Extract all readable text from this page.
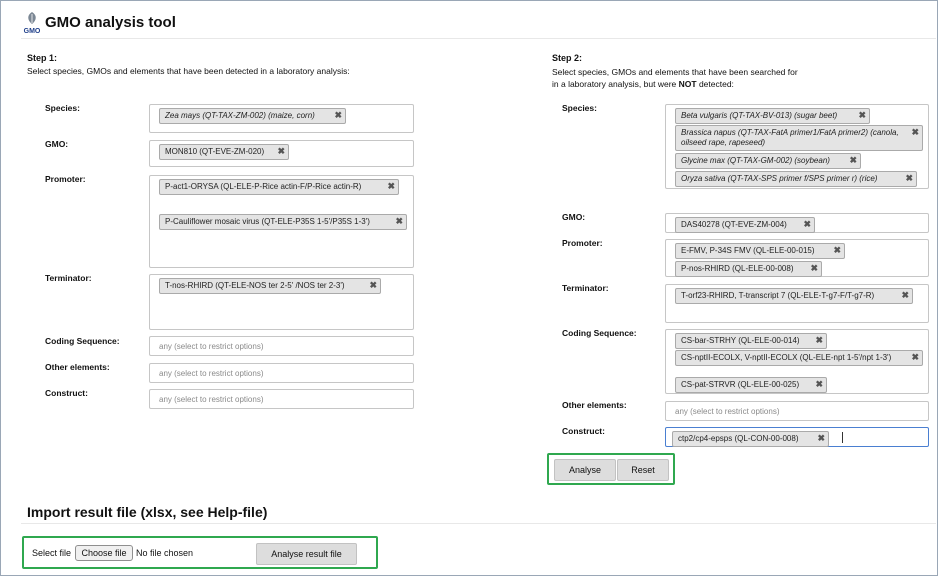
GMO
GMO analysis tool
Step 1:
Select species, GMOs and elements that have been detected in a laboratory analysis:
Species:
Zea mays (QT-TAX-ZM-002) (maize, corn) ✖
GMO:
MON810 (QT-EVE-ZM-020) ✖
Promoter:
P-act1-ORYSA (QL-ELE-P-Rice actin-F/P-Rice actin-R)	✖
P-Cauliflower mosaic virus (QT-ELE-P35S 1-5'/P35S 1-3')	✖
Terminator:
T-nos-RHIRD (QT-ELE-NOS ter 2-5' /NOS ter 2-3')	✖
Coding Sequence:
any (select to restrict options)
Other elements:
any (select to restrict options)
Construct:
any (select to restrict options)
Step 2:
Select species, GMOs and elements that have been searched for
in a laboratory analysis, but were NOT detected:
Species:
Beta vulgaris (QT-TAX-BV-013) (sugar beet) ✖
Brassica napus (QT-TAX-FatA primer1/FatA primer2) (canola, oilseed rape, rapeseed)
✖
Glycine max (QT-TAX-GM-002) (soybean) ✖
Oryza sativa (QT-TAX-SPS primer f/SPS primer r) (rice)	✖
GMO:
DAS40278 (QT-EVE-ZM-004) ✖
Promoter:
E-FMV, P-34S FMV (QL-ELE-00-015) ✖
P-nos-RHIRD (QL-ELE-00-008) ✖
Terminator:
T-orf23-RHIRD, T-transcript 7 (QL-ELE-T-g7-F/T-g7-R)	✖
Coding Sequence:
CS-bar-STRHY (QL-ELE-00-014) ✖
CS-nptII-ECOLX, V-nptII-ECOLX (QL-ELE-npt 1-5'/npt 1-3') ✖
CS-pat-STRVR (QL-ELE-00-025) ✖
Other elements:
any (select to restrict options)
Construct:
ctp2/cp4-epsps (QL-CON-00-008) ✖
Analyse	Reset
Import result file (xlsx, see Help-file)
Select file	Choose file	No file chosen	Analyse result file
